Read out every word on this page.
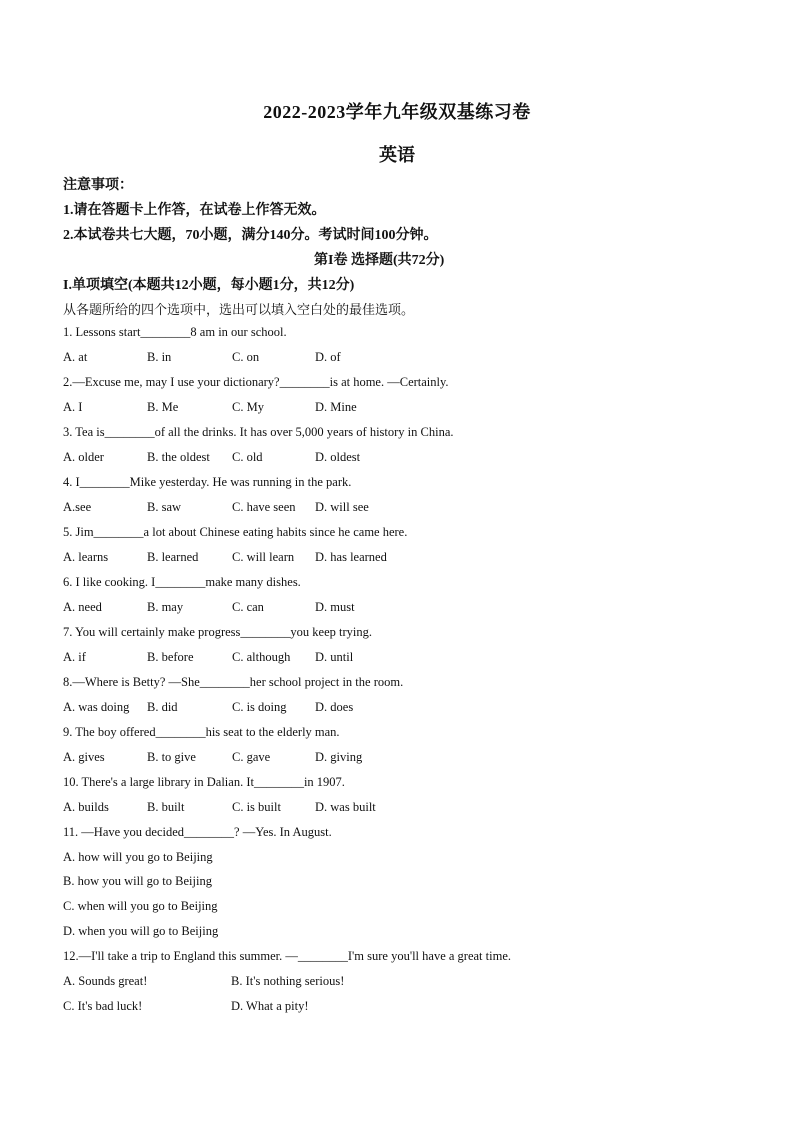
2022-2023学年九年级双基练习卷
英语
注意事项：
1.请在答题卡上作答，在试卷上作答无效。
2.本试卷共七大题，70小题，满分140分。考试时间100分钟。
第I卷 选择题(共72分)
I.单项填空(本题共12小题，每小题1分，共12分)
从各题所给的四个选项中，选出可以填入空白处的最佳选项。
1. Lessons start________8 am in our school.
A. at	B. in	C. on	D. of
2.—Excuse me, may I use your dictionary?________is at home. —Certainly.
A. I	B. Me	C. My	D. Mine
3. Tea is________of all the drinks. It has over 5,000 years of history in China.
A. older	B. the oldest C. old	D. oldest
4. I________Mike yesterday. He was running in the park.
A.see	B. saw	C. have seen D. will see
5. Jim________a lot about Chinese eating habits since he came here.
A. learns	B. learned	C. will learn D. has learned
6. I like cooking. I________make many dishes.
A. need	B. may	C. can	D. must
7. You will certainly make progress________you keep trying.
A. if	B. before	C. although D. until
8.—Where is Betty? —She________her school project in the room.
A. was doing B. did	C. is doing D. does
9. The boy offered________his seat to the elderly man.
A. gives	B. to give	C. gave	D. giving
10. There's a large library in Dalian. It________in 1907.
A. builds	B. built	C. is built	D. was built
11. —Have you decided________? —Yes. In August.
A. how will you go to Beijing
B. how you will go to Beijing
C. when will you go to Beijing
D. when you will go to Beijing
12.—I'll take a trip to England this summer. —________I'm sure you'll have a great time.
A. Sounds great!	B. It's nothing serious!
C. It's bad luck!	D. What a pity!
